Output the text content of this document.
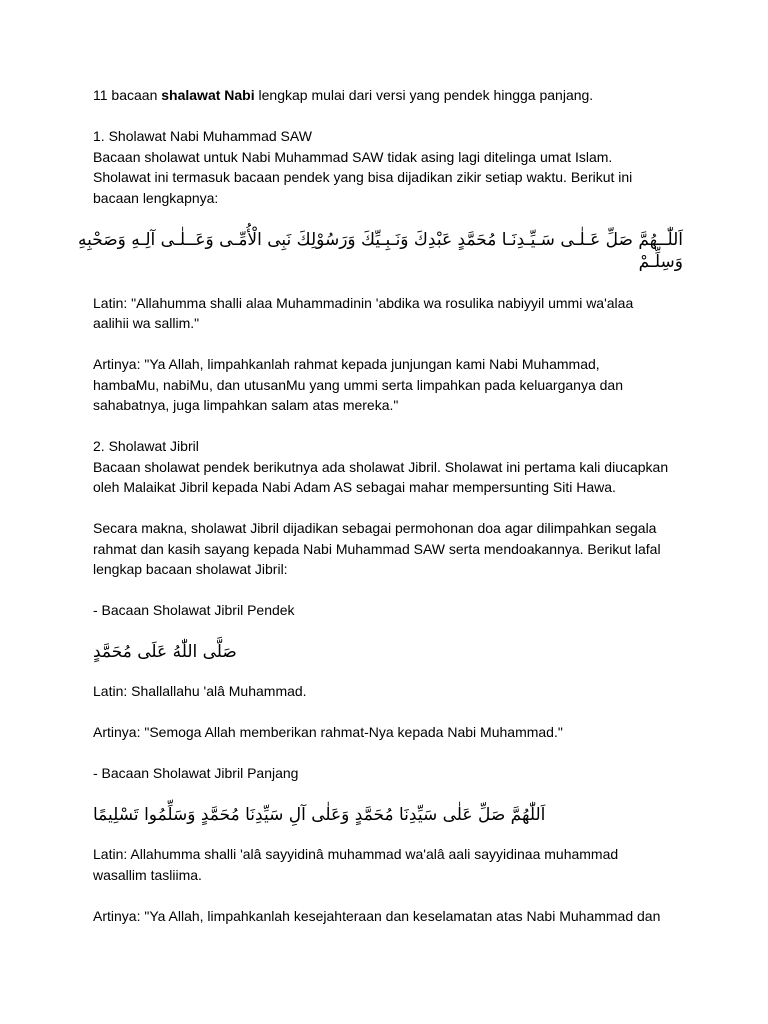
11 bacaan shalawat Nabi lengkap mulai dari versi yang pendek hingga panjang.
1. Sholawat Nabi Muhammad SAW
Bacaan sholawat untuk Nabi Muhammad SAW tidak asing lagi ditelinga umat Islam.
Sholawat ini termasuk bacaan pendek yang bisa dijadikan zikir setiap waktu. Berikut ini
bacaan lengkapnya:
اَللّٰــهُمَّ صَلِّ عَـلٰـى سَـيِّـدِنَـا مُحَمَّدٍ عَبْدِكَ وَنَـبِـيِّكَ وَرَسُوْلِكَ نَبِى الْأُمِّـى وَعَــلٰـى آلِـهِ وَصَحْبِهِ
وَسِلِّـمْ
Latin: "Allahumma shalli alaa Muhammadinin 'abdika wa rosulika nabiyyil ummi wa'alaa
aalihii wa sallim."
Artinya: "Ya Allah, limpahkanlah rahmat kepada junjungan kami Nabi Muhammad,
hambaMu, nabiMu, dan utusanMu yang ummi serta limpahkan pada keluarganya dan
sahabatnya, juga limpahkan salam atas mereka."
2. Sholawat Jibril
Bacaan sholawat pendek berikutnya ada sholawat Jibril. Sholawat ini pertama kali diucapkan
oleh Malaikat Jibril kepada Nabi Adam AS sebagai mahar mempersunting Siti Hawa.
Secara makna, sholawat Jibril dijadikan sebagai permohonan doa agar dilimpahkan segala
rahmat dan kasih sayang kepada Nabi Muhammad SAW serta mendoakannya. Berikut lafal
lengkap bacaan sholawat Jibril:
- Bacaan Sholawat Jibril Pendek
صَلَّى اللّٰهُ عَلَى مُحَمَّدٍ
Latin: Shallallahu 'alâ Muhammad.
Artinya: "Semoga Allah memberikan rahmat-Nya kepada Nabi Muhammad."
- Bacaan Sholawat Jibril Panjang
اَللّٰهُمَّ صَلِّ عَلٰى سَيِّدِنَا مُحَمَّدٍ وَعَلٰى آلِ سَيِّدِنَا مُحَمَّدٍ وَسَلِّمُوا تَسْلِيمًا
Latin: Allahumma shalli 'alâ sayyidinâ muhammad wa'alâ aali sayyidinaa muhammad
wasallim tasliima.
Artinya: "Ya Allah, limpahkanlah kesejahteraan dan keselamatan atas Nabi Muhammad dan
